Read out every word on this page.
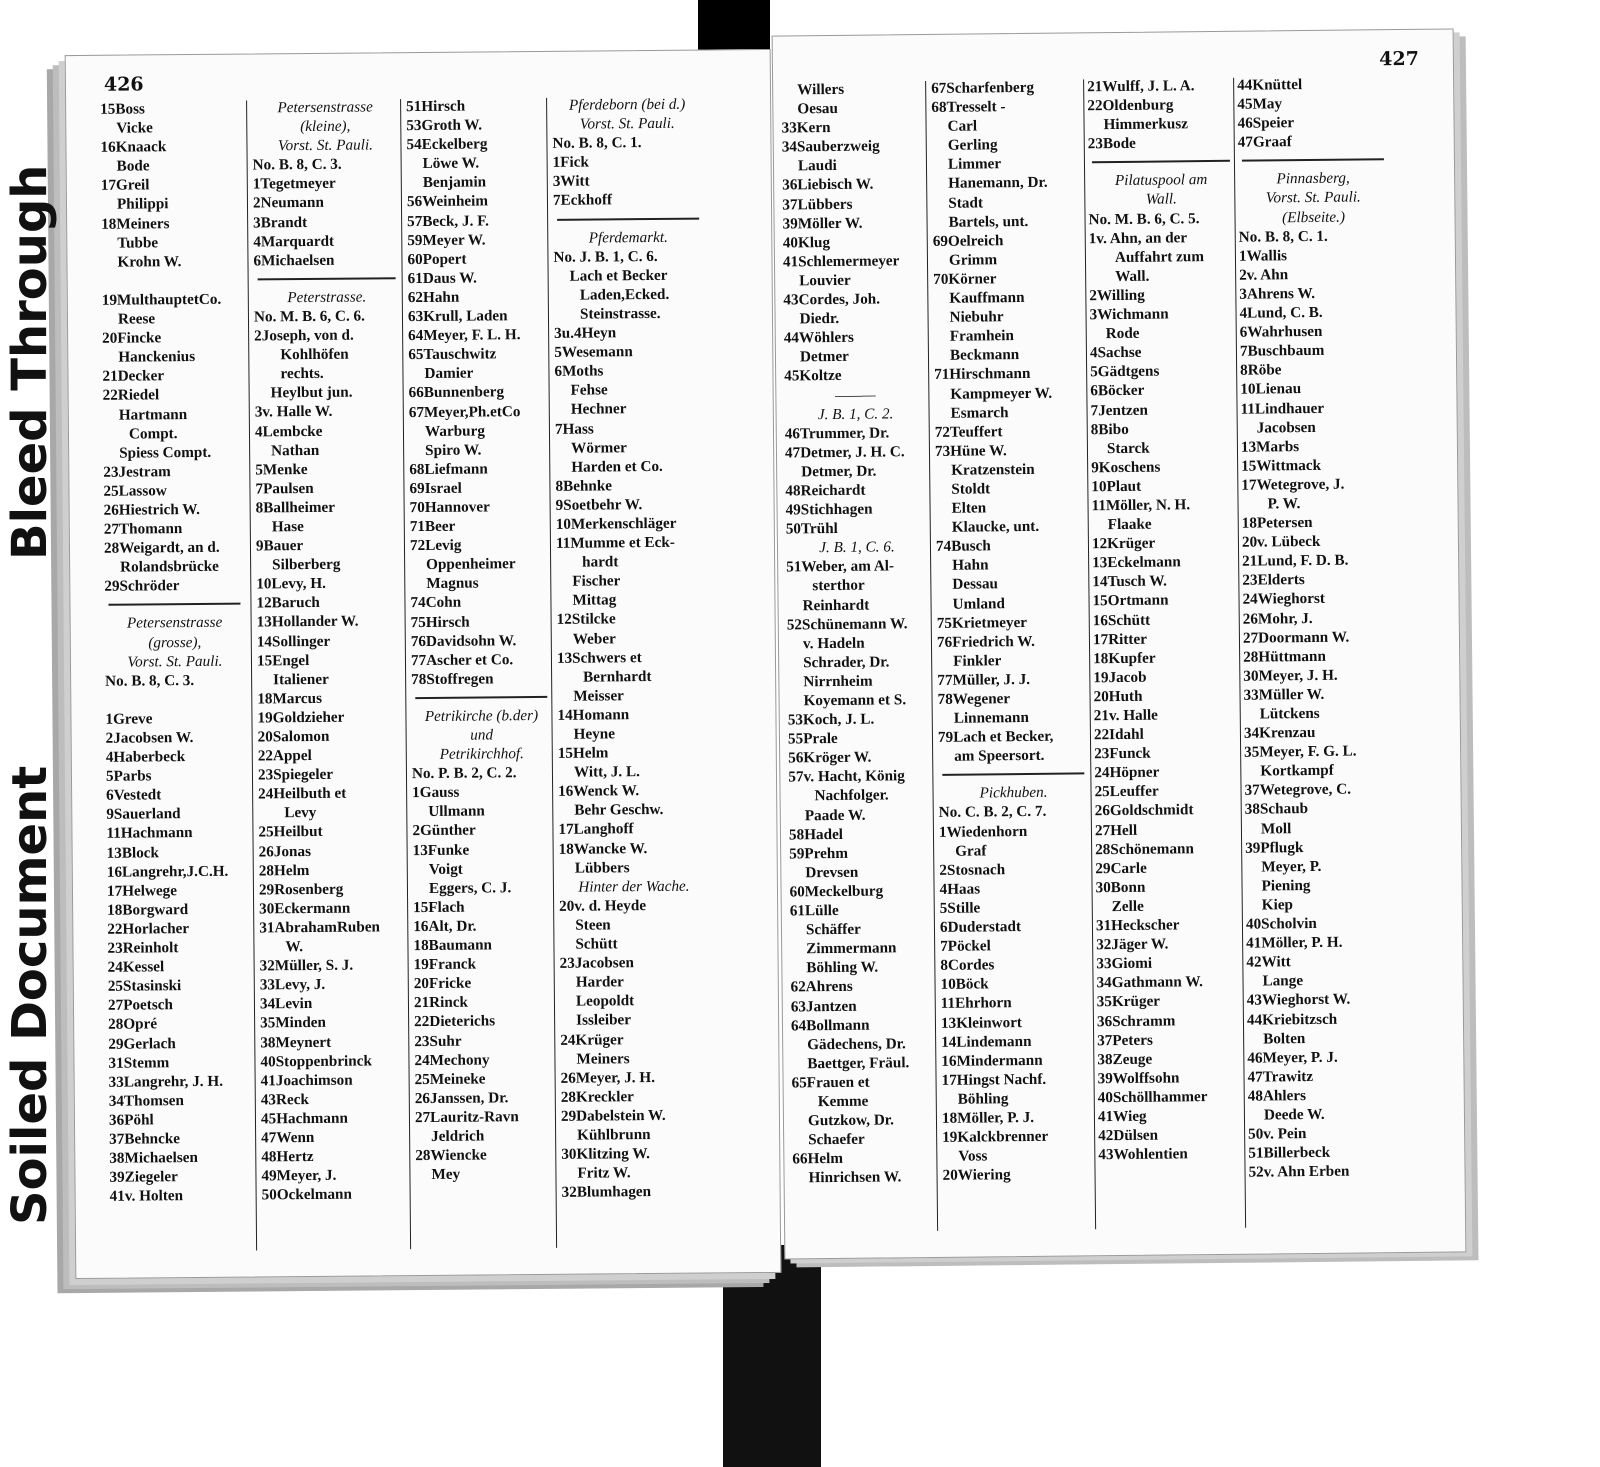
Soiled Document
426
15Boss
Vicke
16Knaack
Bode
17Greil
Philippi
18Meiners
Tubbe
Krohn W.
19MulthauptetCo.
Reese
20Fincke
Hanckenius
21Decker
22Riedel
Hartmann
Compt.
Spiess Compt.
23Jestram
25Lassow
26Hiestrich W.
27Thomann
28Weigardt, an d.
Rolandsbrücke
29Schröder
Petersenstrasse
(grosse),
Vorst. St. Pauli.
No. B. 8, C. 3.
1Greve
2Jacobsen W.
4Haberbeck
5Parbs
6Vestedt
9Sauerland
11Hachmann
13Block
16Langrehr,J.C.H.
17Helwege
18Borgward
22Horlacher
23Reinholt
24Kessel
25Stasinski
27Poetsch
28Opré
29Gerlach
31Stemm
33Langrehr, J. H.
34Thomsen
36Pöhl
37Behncke
38Michaelsen
39Ziegeler
41v. Holten
Petersenstrasse
(kleine),
Vorst. St. Pauli.
No. B. 8, C. 3.
1Tegetmeyer
2Neumann
3Brandt
4Marquardt
6Michaelsen
Peterstrasse.
No. M. B. 6, C. 6.
2Joseph, von d.
Kohlhöfen
rechts.
Heylbut jun.
3v. Halle W.
4Lembcke
Nathan
5Menke
7Paulsen
8Ballheimer
Hase
9Bauer
Silberberg
10Levy, H.
12Baruch
13Hollander W.
14Sollinger
15Engel
Italiener
18Marcus
19Goldzieher
20Salomon
22Appel
23Spiegeler
24Heilbuth et
Levy
25Heilbut
26Jonas
28Helm
29Rosenberg
30Eckermann
31AbrahamRuben
W.
32Müller, S. J.
33Levy, J.
34Levin
35Minden
38Meynert
40Stoppenbrinck
41Joachimson
43Reck
45Hachmann
47Wenn
48Hertz
49Meyer, J.
50Ockelmann
51Hirsch
53Groth W.
54Eckelberg
Löwe W.
Benjamin
56Weinheim
57Beck, J. F.
59Meyer W.
60Popert
61Daus W.
62Hahn
63Krull, Laden
64Meyer, F. L. H.
65Tauschwitz
Damier
66Bunnenberg
67Meyer,Ph.etCo
Warburg
Spiro W.
68Liefmann
69Israel
70Hannover
71Beer
72Levig
Oppenheimer
Magnus
74Cohn
75Hirsch
76Davidsohn W.
77Ascher et Co.
78Stoffregen
Petrikirche (b.der)
und
Petrikirchhof.
No. P. B. 2, C. 2.
1Gauss
Ullmann
2Günther
13Funke
Voigt
Eggers, C. J.
15Flach
16Alt, Dr.
18Baumann
19Franck
20Fricke
21Rinck
22Dieterichs
23Suhr
24Mechony
25Meineke
26Janssen, Dr.
27Lauritz-Ravn
Jeldrich
28Wiencke
Mey
Pferdeborn (bei d.)
Vorst. St. Pauli.
No. B. 8, C. 1.
1Fick
3Witt
7Eckhoff
Pferdemarkt.
No. J. B. 1, C. 6.
Lach et Becker
Laden,Ecked.
Steinstrasse.
3u.4Heyn
5Wesemann
6Moths
Fehse
Hechner
7Hass
Wörmer
Harden et Co.
8Behnke
9Soetbehr W.
10Merkenschläger
11Mumme et Eck-
hardt
Fischer
Mittag
12Stilcke
Weber
13Schwers et
Bernhardt
Meisser
14Homann
Heyne
15Helm
Witt, J. L.
16Wenck W.
Behr Geschw.
17Langhoff
18Wancke W.
Lübbers
Hinter der Wache.
20v. d. Heyde
Steen
Schütt
23Jacobsen
Harder
Leopoldt
Issleiber
24Krüger
Meiners
26Meyer, J. H.
28Kreckler
29Dabelstein W.
Kühlbrunn
30Klitzing W.
Fritz W.
32Blumhagen
427
Willers
Oesau
33Kern
34Sauberzweig
Laudi
36Liebisch W.
37Lübbers
39Möller W.
40Klug
41Schlemermeyer
Louvier
43Cordes, Joh.
Diedr.
44Wöhlers
Detmer
45Koltze
———
J. B. 1, C. 2.
46Trummer, Dr.
47Detmer, J. H. C.
Detmer, Dr.
48Reichardt
49Stichhagen
50Trühl
J. B. 1, C. 6.
51Weber, am Al-
sterthor
Reinhardt
52Schünemann W.
v. Hadeln
Schrader, Dr.
Nirrnheim
Koyemann et S.
53Koch, J. L.
55Prale
56Kröger W.
57v. Hacht, König
Nachfolger.
Paade W.
58Hadel
59Prehm
Drevsen
60Meckelburg
61Lülle
Schäffer
Zimmermann
Böhling W.
62Ahrens
63Jantzen
64Bollmann
Gädechens, Dr.
Baettger, Fräul.
65Frauen et
Kemme
Gutzkow, Dr.
Schaefer
66Helm
Hinrichsen W.
67Scharfenberg
68Tresselt -
Carl
Gerling
Limmer
Hanemann, Dr.
Stadt
Bartels, unt.
69Oelreich
Grimm
70Körner
Kauffmann
Niebuhr
Framhein
Beckmann
71Hirschmann
Kampmeyer W.
Esmarch
72Teuffert
73Hüne W.
Kratzenstein
Stoldt
Elten
Klaucke, unt.
74Busch
Hahn
Dessau
Umland
75Krietmeyer
76Friedrich W.
Finkler
77Müller, J. J.
78Wegener
Linnemann
79Lach et Becker,
am Speersort.
Pickhuben.
No. C. B. 2, C. 7.
1Wiedenhorn
Graf
2Stosnach
4Haas
5Stille
6Duderstadt
7Pöckel
8Cordes
10Böck
11Ehrhorn
13Kleinwort
14Lindemann
16Mindermann
17Hingst Nachf.
Böhling
18Möller, P. J.
19Kalckbrenner
Voss
20Wiering
21Wulff, J. L. A.
22Oldenburg
Himmerkusz
23Bode
Pilatuspool am
Wall.
No. M. B. 6, C. 5.
1v. Ahn, an der
Auffahrt zum
Wall.
2Willing
3Wichmann
Rode
4Sachse
5Gädtgens
6Böcker
7Jentzen
8Bibo
Starck
9Koschens
10Plaut
11Möller, N. H.
Flaake
12Krüger
13Eckelmann
14Tusch W.
15Ortmann
16Schütt
17Ritter
18Kupfer
19Jacob
20Huth
21v. Halle
22Idahl
23Funck
24Höpner
25Leuffer
26Goldschmidt
27Hell
28Schönemann
29Carle
30Bonn
Zelle
31Heckscher
32Jäger W.
33Giomi
34Gathmann W.
35Krüger
36Schramm
37Peters
38Zeuge
39Wolffsohn
40Schöllhammer
41Wieg
42Dülsen
43Wohlentien
44Knüttel
45May
46Speier
47Graaf
Pinnasberg,
Vorst. St. Pauli.
(Elbseite.)
No. B. 8, C. 1.
1Wallis
2v. Ahn
3Ahrens W.
4Lund, C. B.
6Wahrhusen
7Buschbaum
8Röbe
10Lienau
11Lindhauer
Jacobsen
13Marbs
15Wittmack
17Wetegrove, J.
P. W.
18Petersen
20v. Lübeck
21Lund, F. D. B.
23Elderts
24Wieghorst
26Mohr, J.
27Doormann W.
28Hüttmann
30Meyer, J. H.
33Müller W.
Lütckens
34Krenzau
35Meyer, F. G. L.
Kortkampf
37Wetegrove, C.
38Schaub
Moll
39Pflugk
Meyer, P.
Piening
Kiep
40Scholvin
41Möller, P. H.
42Witt
Lange
43Wieghorst W.
44Kriebitzsch
Bolten
46Meyer, P. J.
47Trawitz
48Ahlers
Deede W.
50v. Pein
51Billerbeck
52v. Ahn Erben
Bleed Through
